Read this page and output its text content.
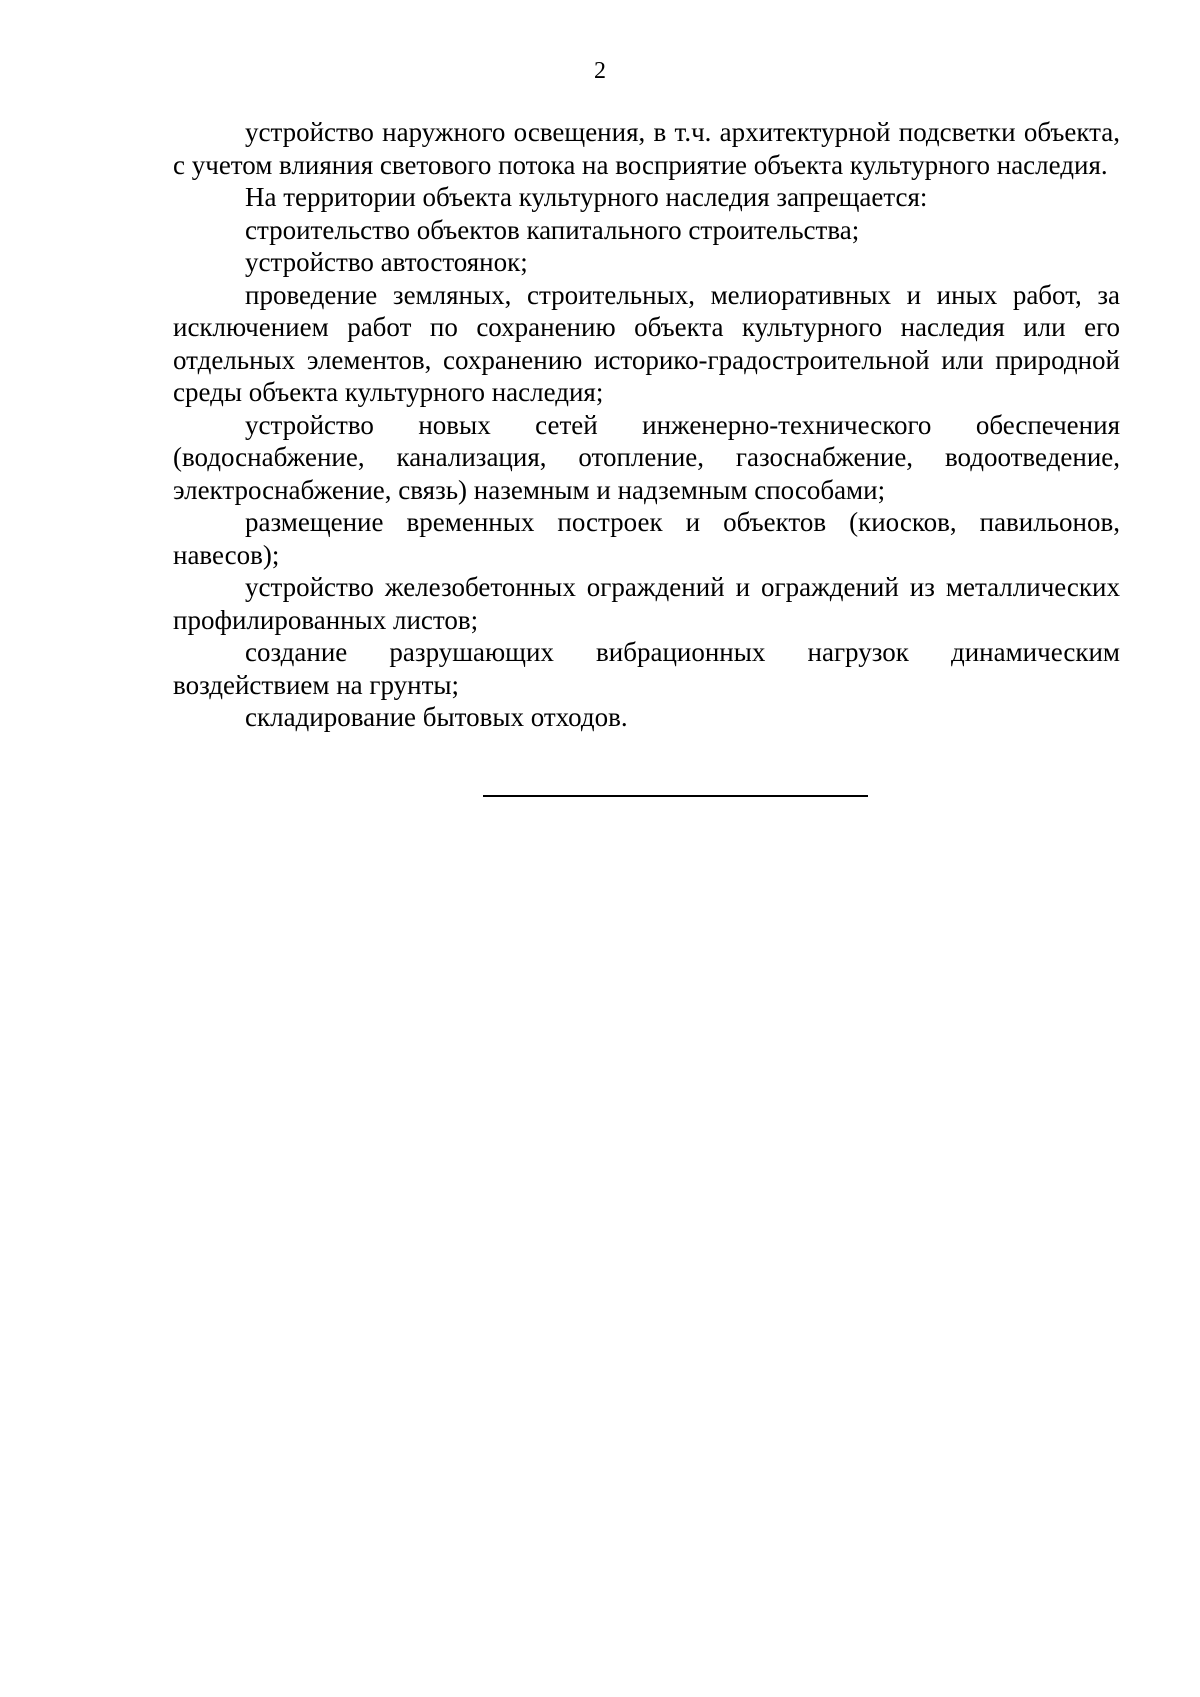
2

устройство наружного освещения, в т.ч. архитектурной подсветки объекта, с учетом влияния светового потока на восприятие объекта культурного наследия.

На территории объекта культурного наследия запрещается:

строительство объектов капитального строительства;

устройство автостоянок;

проведение земляных, строительных, мелиоративных и иных работ, за исключением работ по сохранению объекта культурного наследия или его отдельных элементов, сохранению историко-градостроительной или природной среды объекта культурного наследия;

устройство новых сетей инженерно-технического обеспечения (водоснабжение, канализация, отопление, газоснабжение, водоотведение, электроснабжение, связь) наземным и надземным способами;

размещение временных построек и объектов (киосков, павильонов, навесов);

устройство железобетонных ограждений и ограждений из металлических профилированных листов;

создание разрушающих вибрационных нагрузок динамическим воздействием на грунты;

складирование бытовых отходов.
